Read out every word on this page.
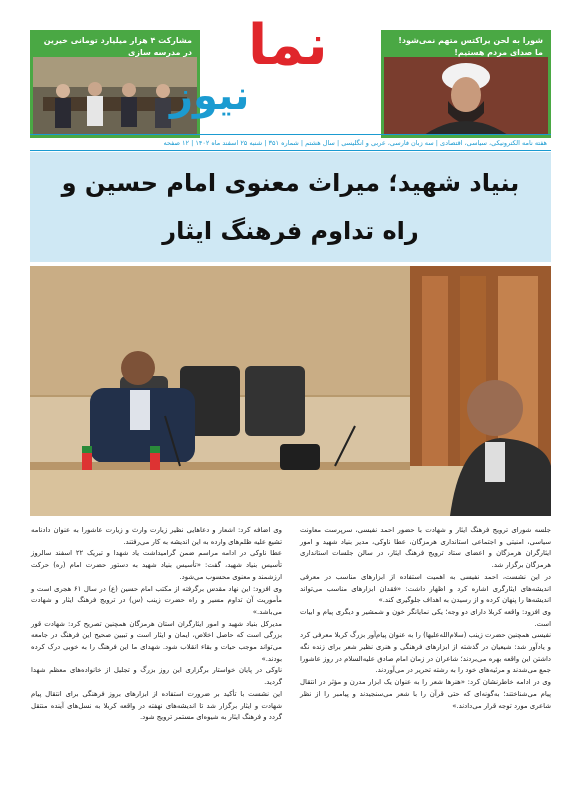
مشارکت ۴ هزار میلیارد تومانی خیرین در مدرسه سازی نما
نیوز
شورا به لحن یراکتس متهم نمی‌شود! ما صدای مردم هستیم!
هفته نامه الکترونیکی، سیاسی، اقتصادی | سه زبان فارسی، عربی و انگلیسی | سال هشتم | شماره ۳۵۱ | شنبه ۲۵ اسفند ماه ۱۴۰۲ | ۱۲ صفحه
بنیاد شهید؛ میراث معنوی امام حسین و راه تداوم فرهنگ ایثار

جلسه شورای ترویج فرهنگ ایثار و شهادت با حضور احمد نفیسی، سرپرست معاونت سیاسی، امنیتی و اجتماعی استانداری هرمزگان، عطا ناوکی، مدیر بنیاد شهید و امور ایثارگران هرمزگان و اعضای ستاد ترویج فرهنگ ایثار، در سالن جلسات استانداری هرمزگان برگزار شد.

در این نشست، احمد نفیسی به اهمیت استفاده از ابزارهای مناسب در معرفی اندیشه‌های ایثارگری اشاره کرد و اظهار داشت: «فقدان ابزارهای مناسب می‌تواند اندیشه‌ها را پنهان کرده و از رسیدن به اهداف جلوگیری کند.»

وی افزود: واقعه کربلا دارای دو وجه؛ یکی نمایانگر خون و شمشیر و دیگری پیام و ابیات است.

نفیسی همچنین حضرت زینب (سلام‌الله‌علیها) را به عنوان پیام‌آور بزرگ کربلا معرفی کرد و یادآور شد: شیعیان در گذشته از ابزارهای فرهنگی و هنری نظیر شعر برای زنده نگه داشتن این واقعه بهره می‌بردند؛ شاعران در زمان امام صادق علیه‌السلام در روز عاشورا جمع می‌شدند و مرثیه‌های خود را به رشته تحریر در می‌آوردند.

وی در ادامه خاطرنشان کرد: «هنرها شعر را به عنوان یک ابزار مدرن و مؤثر در انتقال پیام می‌شناختند؛ به‌گونه‌ای که حتی قرآن را با شعر می‌سنجیدند و پیامبر را از نظر شاعری مورد توجه قرار می‌دادند.»

وی اضافه کرد: اشعار و دعاهایی نظیر زیارت وارث و زیارت عاشورا به عنوان دادنامه تشیع علیه ظلم‌های وارده به این اندیشه به کار می‌رفتند.

عطا ناوکی در ادامه مراسم ضمن گرامیداشت یاد شهدا و تبریک ۲۲ اسفند سالروز تأسیس بنیاد شهید، گفت: «تأسیس بنیاد شهید به دستور حضرت امام (ره) حرکت ارزشمند و معنوی محسوب می‌شود.

وی افزود: این نهاد مقدس برگرفته از مکتب امام حسین (ع) در سال ۶۱ هجری است و مأموریت آن تداوم مسیر و راه حضرت زینب (س) در ترویج فرهنگ ایثار و شهادت می‌باشد.»

مدیرکل بنیاد شهید و امور ایثارگران استان هرمزگان همچنین تصریح کرد: شهادت قور بزرگی است که حاصل اخلاص، ایمان و ایثار است و تبیین صحیح این فرهنگ در جامعه می‌تواند موجب حیات و بقاء انقلاب شود. شهدای ما این فرهنگ را به خوبی درک کرده بودند.»

ناوکی در پایان خواستار برگزاری این روز بزرگ و تجلیل از خانواده‌های معظم شهدا گردید.

این نشست با تأکید بر ضرورت استفاده از ابزارهای بروز فرهنگی برای انتقال پیام شهادت و ایثار برگزار شد تا اندیشه‌های نهفته در واقعه کربلا به نسل‌های آینده منتقل گردد و فرهنگ ایثار به شیوه‌ای مستمر ترویج شود.
